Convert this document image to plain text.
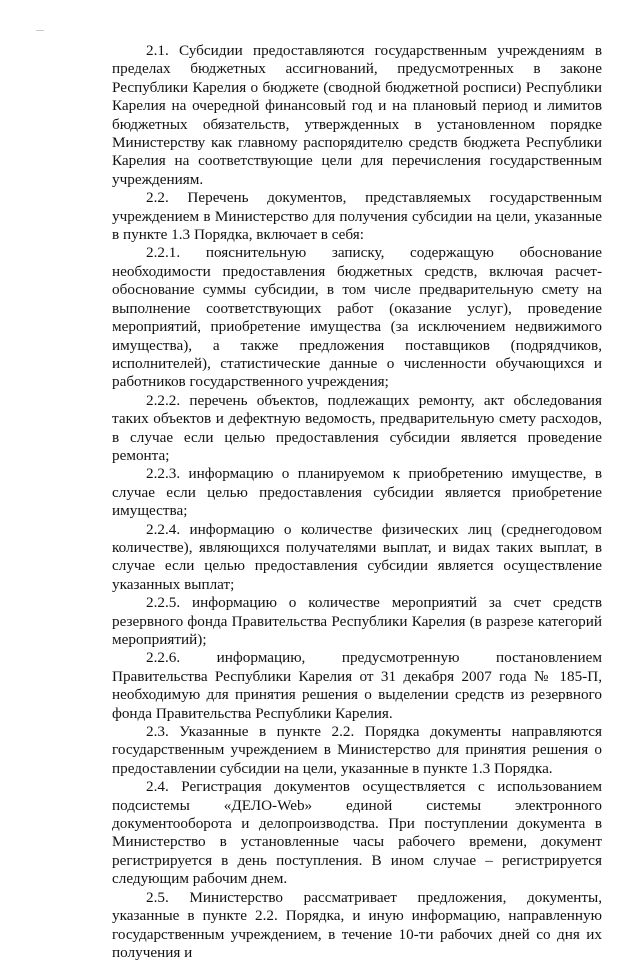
2.1. Субсидии предоставляются государственным учреждениям в пределах бюджетных ассигнований, предусмотренных в законе Республики Карелия о бюджете (сводной бюджетной росписи) Республики Карелия на очередной финансовый год и на плановый период и лимитов бюджетных обязательств, утвержденных в установленном порядке Министерству как главному распорядителю средств бюджета Республики Карелия на соответствующие цели для перечисления государственным учреждениям.

2.2. Перечень документов, представляемых государственным учреждением в Министерство для получения субсидии на цели, указанные в пункте 1.3 Порядка, включает в себя:

2.2.1. пояснительную записку, содержащую обоснование необходимости предоставления бюджетных средств, включая расчет-обоснование суммы субсидии, в том числе предварительную смету на выполнение соответствующих работ (оказание услуг), проведение мероприятий, приобретение имущества (за исключением недвижимого имущества), а также предложения поставщиков (подрядчиков, исполнителей), статистические данные о численности обучающихся и работников государственного учреждения;

2.2.2. перечень объектов, подлежащих ремонту, акт обследования таких объектов и дефектную ведомость, предварительную смету расходов, в случае если целью предоставления субсидии является проведение ремонта;

2.2.3. информацию о планируемом к приобретению имуществе, в случае если целью предоставления субсидии является приобретение имущества;

2.2.4. информацию о количестве физических лиц (среднегодовом количестве), являющихся получателями выплат, и видах таких выплат, в случае если целью предоставления субсидии является осуществление указанных выплат;

2.2.5. информацию о количестве мероприятий за счет средств резервного фонда Правительства Республики Карелия (в разрезе категорий мероприятий);

2.2.6. информацию, предусмотренную постановлением Правительства Республики Карелия от 31 декабря 2007 года № 185-П, необходимую для принятия решения о выделении средств из резервного фонда Правительства Республики Карелия.

2.3. Указанные в пункте 2.2. Порядка документы направляются государственным учреждением в Министерство для принятия решения о предоставлении субсидии на цели, указанные в пункте 1.3 Порядка.

2.4. Регистрация документов осуществляется с использованием подсистемы «ДЕЛО-Web» единой системы электронного документооборота и делопроизводства. При поступлении документа в Министерство в установленные часы рабочего времени, документ регистрируется в день поступления. В ином случае – регистрируется следующим рабочим днем.

2.5. Министерство рассматривает предложения, документы, указанные в пункте 2.2. Порядка, и иную информацию, направленную государственным учреждением, в течение 10-ти рабочих дней со дня их получения и
